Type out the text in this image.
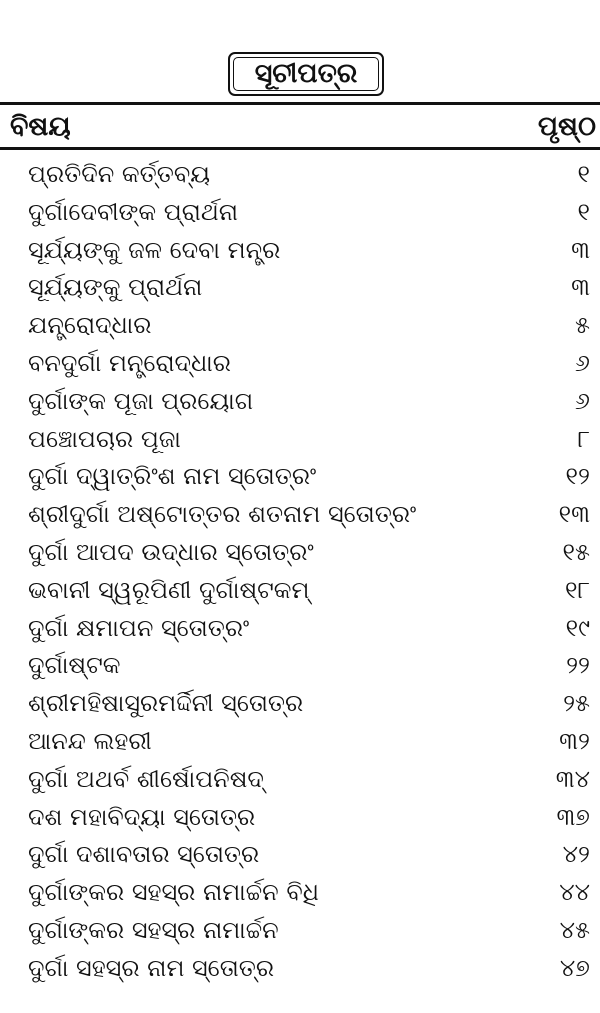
ସୂଚୀପତ୍ର
ବିଷୟ	ପୃଷ୍ଠ
ପ୍ରତିଦିନ କର୍ତ୍ତବ୍ୟ	୧
ଦୁର୍ଗାଦେବୀଙ୍କ ପ୍ରାର୍ଥନା	୧
ସୂର୍ଯ୍ୟଙ୍କୁ ଜଳ ଦେବା ମନ୍ତ୍ର	୩
ସୂର୍ଯ୍ୟଙ୍କୁ ପ୍ରାର୍ଥନା	୩
ଯନ୍ତ୍ରୋଦ୍ଧାର	୫
ବନଦୁର୍ଗା ମନ୍ତ୍ରୋଦ୍ଧାର	୬
ଦୁର୍ଗାଙ୍କ ପୂଜା ପ୍ରୟୋଗ	୬
ପଞ୍ଚୋପଚାର ପୂଜା	୮
ଦୁର୍ଗା ଦ୍ୱାତ୍ରିଂଶ ନାମ ସ୍ତୋତ୍ରଂ	୧୨
ଶ୍ରୀଦୁର୍ଗା ଅଷ୍ଟୋତ୍ତର ଶତନାମ ସ୍ତୋତ୍ରଂ	୧୩
ଦୁର୍ଗା ଆପଦ ଉଦ୍ଧାର ସ୍ତୋତ୍ରଂ	୧୫
ଭବାନୀ ସ୍ୱରୂପିଣୀ ଦୁର୍ଗାଷ୍ଟକମ୍	୧୮
ଦୁର୍ଗା କ୍ଷମାପନ ସ୍ତୋତ୍ରଂ	୧୯
ଦୁର୍ଗାଷ୍ଟକ	୨୨
ଶ୍ରୀମହିଷାସୁରମର୍ଦ୍ଦିନୀ ସ୍ତୋତ୍ର	୨୫
ଆନନ୍ଦ ଲହରୀ	୩୨
ଦୁର୍ଗା ଅଥର୍ବ ଶୀର୍ଷୋପନିଷଦ୍	୩୪
ଦଶ ମହାବିଦ୍ୟା ସ୍ତୋତ୍ର	୩୭
ଦୁର୍ଗା ଦଶାବତାର ସ୍ତୋତ୍ର	୪୨
ଦୁର୍ଗାଙ୍କର ସହସ୍ର ନାମାର୍ଚ୍ଚନ ବିଧି	୪୪
ଦୁର୍ଗାଙ୍କର ସହସ୍ର ନାମାର୍ଚ୍ଚନ	୪୫
ଦୁର୍ଗା ସହସ୍ର ନାମ ସ୍ତୋତ୍ର	୪୭
